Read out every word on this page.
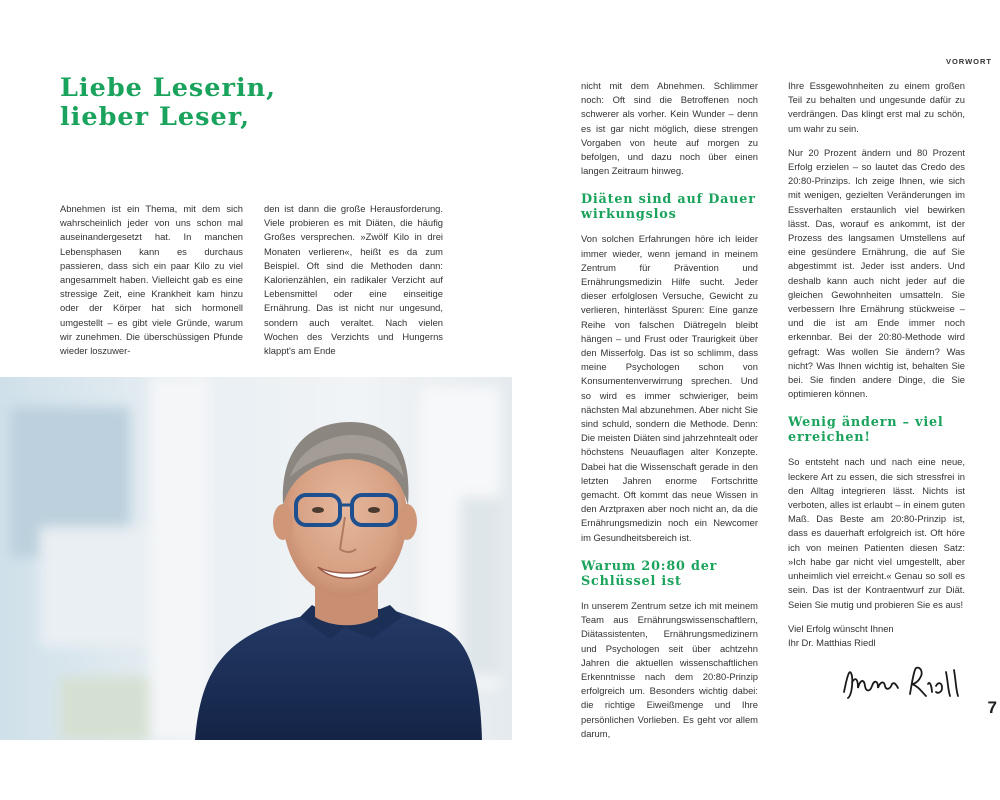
VORWORT
Liebe Leserin,
lieber Leser,

Abnehmen ist ein Thema, mit dem sich wahrscheinlich jeder von uns schon mal auseinandergesetzt hat. In manchen Lebensphasen kann es durchaus passieren, dass sich ein paar Kilo zu viel angesammelt haben. Vielleicht gab es eine stressige Zeit, eine Krankheit kam hinzu oder der Körper hat sich hormonell umgestellt – es gibt viele Gründe, warum wir zunehmen. Die überschüssigen Pfunde wieder loszuwer-

den ist dann die große Herausforderung. Viele probieren es mit Diäten, die häufig Großes versprechen. »Zwölf Kilo in drei Monaten verlieren«, heißt es da zum Beispiel. Oft sind die Methoden dann: Kalorienzählen, ein radikaler Verzicht auf Lebensmittel oder eine einseitige Ernährung. Das ist nicht nur ungesund, sondern auch veraltet. Nach vielen Wochen des Verzichts und Hungerns klappt's am Ende

nicht mit dem Abnehmen. Schlimmer noch: Oft sind die Betroffenen noch schwerer als vorher. Kein Wunder – denn es ist gar nicht möglich, diese strengen Vorgaben von heute auf morgen zu befolgen, und dazu noch über einen langen Zeitraum hinweg.

Diäten sind auf Dauer wirkungslos

Von solchen Erfahrungen höre ich leider immer wieder, wenn jemand in meinem Zentrum für Prävention und Ernährungsmedizin Hilfe sucht. Jeder dieser erfolglosen Versuche, Gewicht zu verlieren, hinterlässt Spuren: Eine ganze Reihe von falschen Diätregeln bleibt hängen – und Frust oder Traurigkeit über den Misserfolg. Das ist so schlimm, dass meine Psychologen schon von Konsumentenverwirrung sprechen. Und so wird es immer schwieriger, beim nächsten Mal abzunehmen. Aber nicht Sie sind schuld, sondern die Methode. Denn: Die meisten Diäten sind jahrzehntealt oder höchstens Neuauflagen alter Konzepte. Dabei hat die Wissenschaft gerade in den letzten Jahren enorme Fortschritte gemacht. Oft kommt das neue Wissen in den Arztpraxen aber noch nicht an, da die Ernährungsmedizin noch ein Newcomer im Gesundheitsbereich ist.

Warum 20:80 der Schlüssel ist

In unserem Zentrum setze ich mit meinem Team aus Ernährungswissenschaftlern, Diätassistenten, Ernährungsmedizinern und Psychologen seit über achtzehn Jahren die aktuellen wissenschaftlichen Erkenntnisse nach dem 20:80-Prinzip erfolgreich um. Besonders wichtig dabei: die richtige Eiweißmenge und Ihre persönlichen Vorlieben. Es geht vor allem darum,

Ihre Essgewohnheiten zu einem großen Teil zu behalten und ungesunde dafür zu verdrängen. Das klingt erst mal zu schön, um wahr zu sein.

Nur 20 Prozent ändern und 80 Prozent Erfolg erzielen – so lautet das Credo des 20:80-Prinzips. Ich zeige Ihnen, wie sich mit wenigen, gezielten Veränderungen im Essverhalten erstaunlich viel bewirken lässt. Das, worauf es ankommt, ist der Prozess des langsamen Umstellens auf eine gesündere Ernährung, die auf Sie abgestimmt ist. Jeder isst anders. Und deshalb kann auch nicht jeder auf die gleichen Gewohnheiten umsatteln. Sie verbessern Ihre Ernährung stückweise – und die ist am Ende immer noch erkennbar. Bei der 20:80-Methode wird gefragt: Was wollen Sie ändern? Was nicht? Was Ihnen wichtig ist, behalten Sie bei. Sie finden andere Dinge, die Sie optimieren können.

Wenig ändern – viel erreichen!

So entsteht nach und nach eine neue, leckere Art zu essen, die sich stressfrei in den Alltag integrieren lässt. Nichts ist verboten, alles ist erlaubt – in einem guten Maß. Das Beste am 20:80-Prinzip ist, dass es dauerhaft erfolgreich ist. Oft höre ich von meinen Patienten diesen Satz: »Ich habe gar nicht viel umgestellt, aber unheimlich viel erreicht.« Genau so soll es sein. Das ist der Kontraentwurf zur Diät. Seien Sie mutig und probieren Sie es aus!

Viel Erfolg wünscht Ihnen

Ihr Dr. Matthias Riedl

7
